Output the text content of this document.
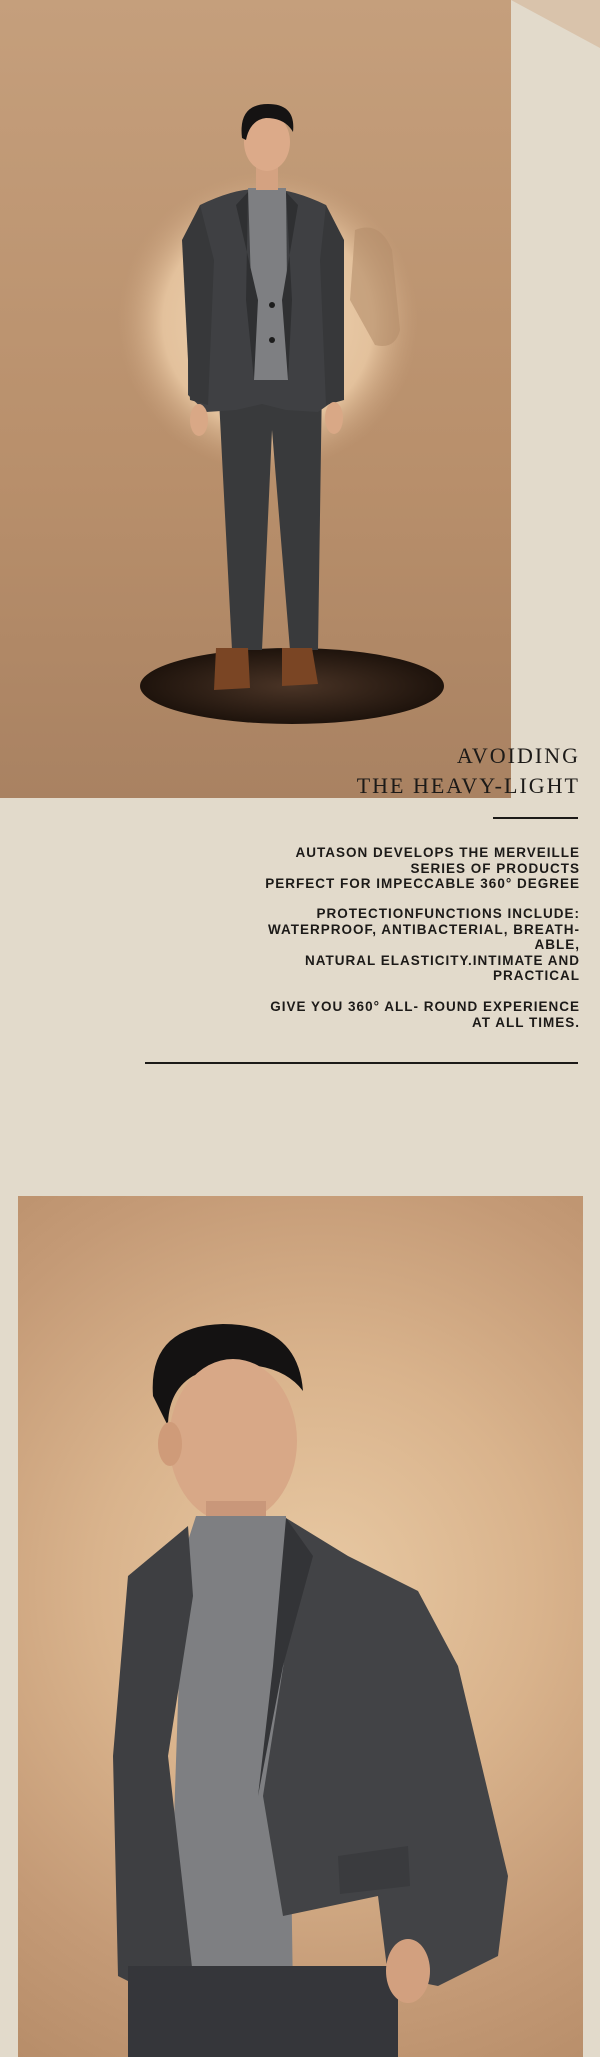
AVOIDING
THE HEAVY-LIGHT
AUTASON DEVELOPS THE MERVEILLE
SERIES OF PRODUCTS
PERFECT FOR IMPECCABLE 360° DEGREE
PROTECTIONFUNCTIONS INCLUDE:
WATERPROOF, ANTIBACTERIAL, BREATH-
ABLE,
NATURAL ELASTICITY.INTIMATE AND
PRACTICAL
GIVE YOU 360° ALL- ROUND EXPERIENCE
AT ALL TIMES.
